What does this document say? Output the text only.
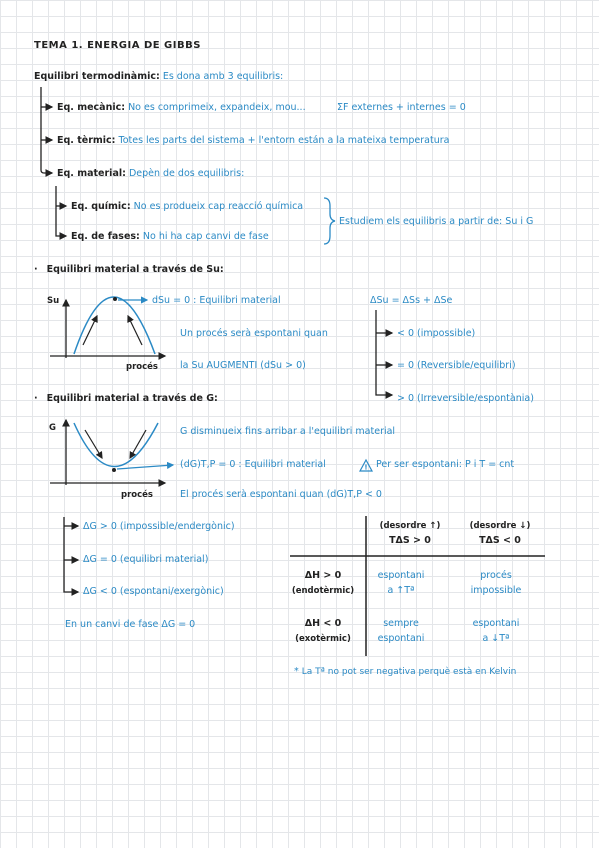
!
TEMA 1. ENERGIA DE GIBBS
Equilibri termodinàmic: Es dona amb 3 equilibris:
Eq. mecànic: No es comprimeix, expandeix, mou...	ΣF externes + internes = 0
Eq. tèrmic: Totes les parts del sistema + l'entorn están a la mateixa temperatura
Eq. material: Depèn de dos equilibris:
Eq. químic: No es produeix cap reacció química
Eq. de fases: No hi ha cap canvi de fase
Estudiem els equilibris a partir de: Su i G
· Equilibri material a través de Su:
Su
procés
dSu = 0 : Equilibri material
Un procés serà espontani quan
la Su AUGMENTI (dSu > 0)
ΔSu = ΔSs + ΔSe
< 0 (impossible)
= 0 (Reversible/equilibri)
> 0 (Irreversible/espontània)
· Equilibri material a través de G:
G
procés
G disminueix fins arribar a l'equilibri material
(dG)T,P = 0 : Equilibri material	Per ser espontani: P i T = cnt
El procés serà espontani quan (dG)T,P < 0
ΔG > 0 (impossible/endergònic)
ΔG = 0 (equilibri material)
ΔG < 0 (espontani/exergònic)
En un canvi de fase ΔG = 0
(desordre ↑)
TΔS > 0
(desordre ↓)
TΔS < 0
ΔH > 0
(endotèrmic)
ΔH < 0
(exotèrmic)
espontani
a ↑Tª
procés
impossible
sempre
espontani
espontani
a ↓Tª
* La Tª no pot ser negativa perquè està en Kelvin
